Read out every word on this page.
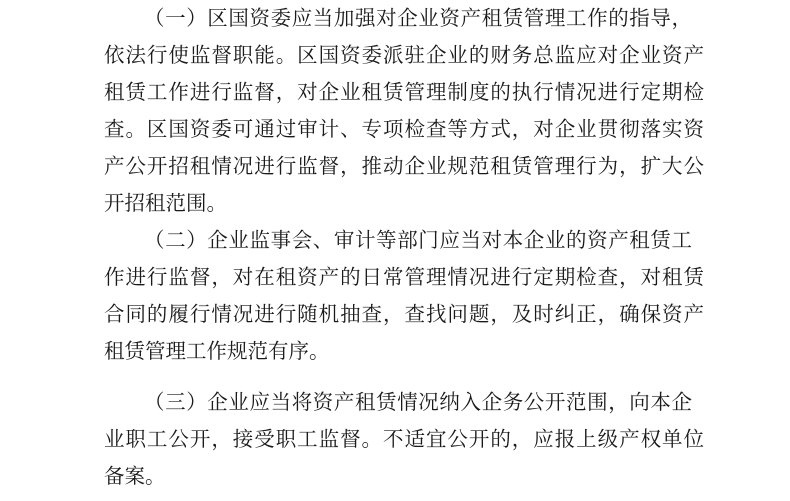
（一）区国资委应当加强对企业资产租赁管理工作的指导，
依法行使监督职能。区国资委派驻企业的财务总监应对企业资产
租赁工作进行监督，对企业租赁管理制度的执行情况进行定期检
查。区国资委可通过审计、专项检查等方式，对企业贯彻落实资
产公开招租情况进行监督，推动企业规范租赁管理行为，扩大公
开招租范围。
（二）企业监事会、审计等部门应当对本企业的资产租赁工
作进行监督，对在租资产的日常管理情况进行定期检查，对租赁
合同的履行情况进行随机抽查，查找问题，及时纠正，确保资产
租赁管理工作规范有序。
（三）企业应当将资产租赁情况纳入企务公开范围，向本企
业职工公开，接受职工监督。不适宜公开的，应报上级产权单位
备案。
